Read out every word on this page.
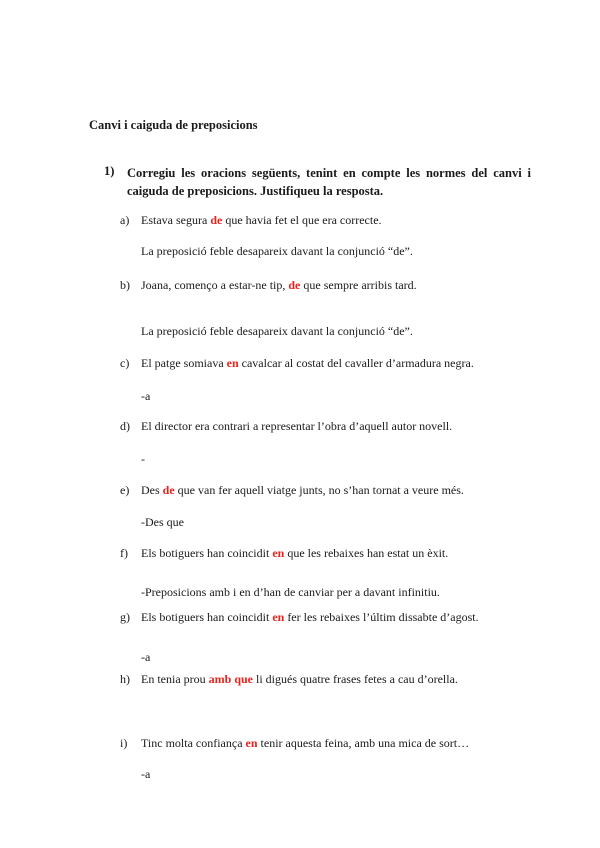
Canvi i caiguda de preposicions
1) Corregiu les oracions següents, tenint en compte les normes del canvi i caiguda de preposicions. Justifiqueu la resposta.
a) Estava segura de que havia fet el que era correcte.
La preposició feble desapareix davant la conjunció “de”.
b) Joana, començo a estar-ne tip, de que sempre arribis tard.
La preposició feble desapareix davant la conjunció “de”.
c) El patge somiava en cavalcar al costat del cavaller d’armadura negra.
-a
d) El director era contrari a representar l’obra d’aquell autor novell.
-
e) Des de que van fer aquell viatge junts, no s’han tornat a veure més.
-Des que
f) Els botiguers han coincidit en que les rebaixes han estat un èxit.
-Preposicions amb i en d’han de canviar per a davant infinitiu.
g) Els botiguers han coincidit en fer les rebaixes l’últim dissabte d’agost.
-a
h) En tenia prou amb que li digués quatre frases fetes a cau d’orella.
i) Tinc molta confiança en tenir aquesta feina, amb una mica de sort…
-a
